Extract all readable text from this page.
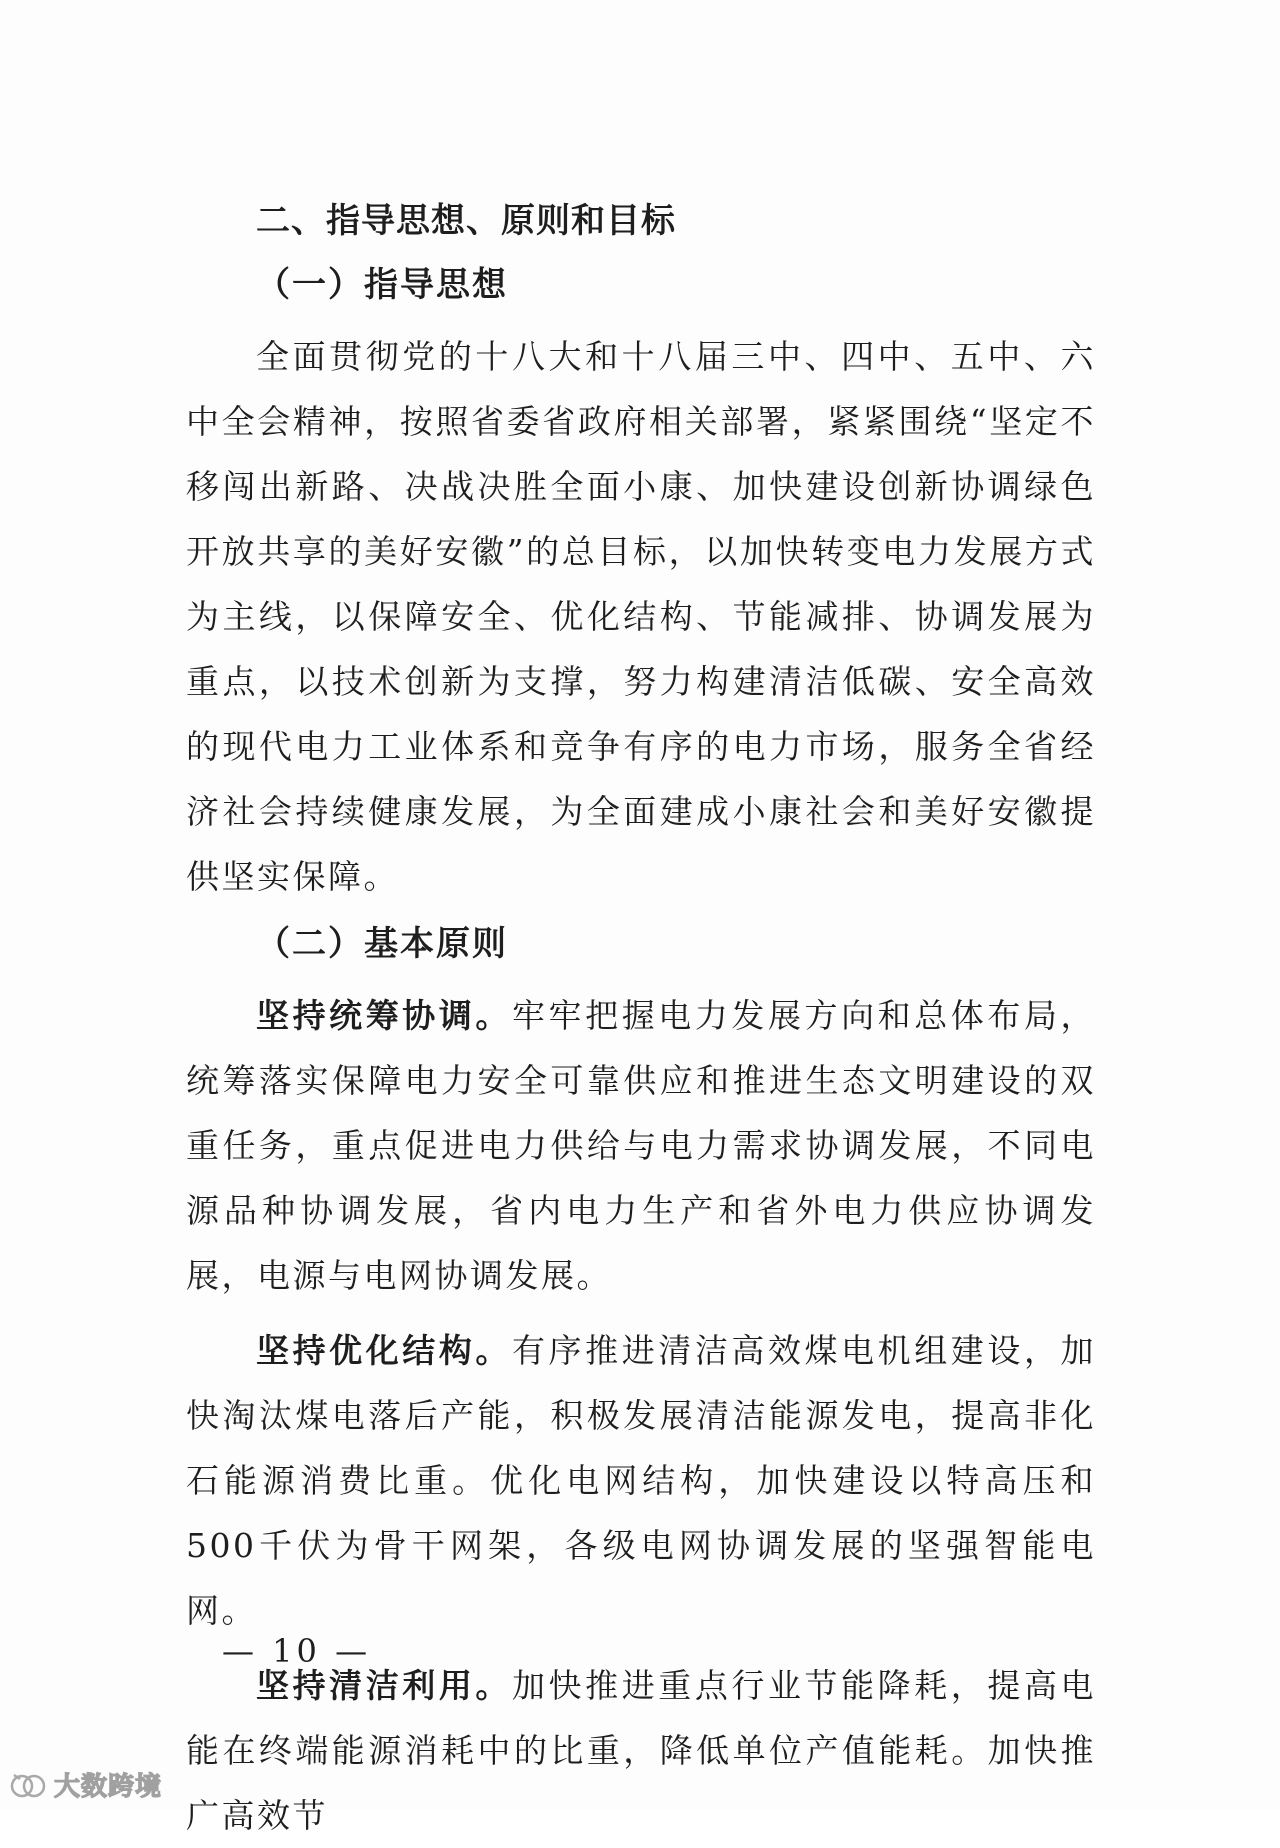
二、指导思想、原则和目标
（一）指导思想

全面贯彻党的十八大和十八届三中、四中、五中、六中全会精神，按照省委省政府相关部署，紧紧围绕“坚定不移闯出新路、决战决胜全面小康、加快建设创新协调绿色开放共享的美好安徽”的总目标，以加快转变电力发展方式为主线，以保障安全、优化结构、节能减排、协调发展为重点，以技术创新为支撑，努力构建清洁低碳、安全高效的现代电力工业体系和竞争有序的电力市场，服务全省经济社会持续健康发展，为全面建成小康社会和美好安徽提供坚实保障。

（二）基本原则

坚持统筹协调。牢牢把握电力发展方向和总体布局，统筹落实保障电力安全可靠供应和推进生态文明建设的双重任务，重点促进电力供给与电力需求协调发展，不同电源品种协调发展，省内电力生产和省外电力供应协调发展，电源与电网协调发展。

坚持优化结构。有序推进清洁高效煤电机组建设，加快淘汰煤电落后产能，积极发展清洁能源发电，提高非化石能源消费比重。优化电网结构，加快建设以特高压和500千伏为骨干网架，各级电网协调发展的坚强智能电网。

坚持清洁利用。加快推进重点行业节能降耗，提高电能在终端能源消耗中的比重，降低单位产值能耗。加快推广高效节

— 10 —
大数跨境
